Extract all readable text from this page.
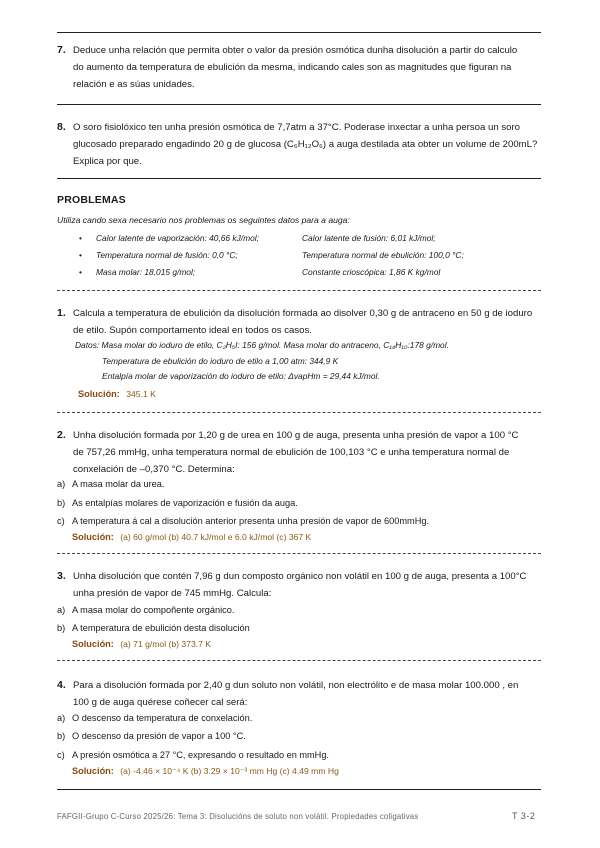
7. Deduce unha relación que permita obter o valor da presión osmótica dunha disolución a partir do calculo
do aumento da temperatura de ebulición da mesma, indicando cales son as magnitudes que figuran na
relación e as súas unidades.
8. O soro fisiolóxico ten unha presión osmótica de 7,7atm a 37°C. Poderase inxectar a unha persoa un soro
glucosado preparado engadindo 20 g de glucosa (C₆H₁₂O₆) a auga destilada ata obter un volume de 200mL?
Explica por que.
PROBLEMAS
Utiliza cando sexa necesario nos problemas os seguintes datos para a auga:
• Calor latente de vaporización: 40,66 kJ/mol;	Calor latente de fusión: 6,01 kJ/mol;
• Temperatura normal de fusión: 0,0 °C;	Temperatura normal de ebulición: 100,0 °C;
• Masa molar: 18,015 g/mol;	Constante crioscópica: 1,86 K kg/mol
1. Calcula a temperatura de ebulición da disolución formada ao disolver 0,30 g de antraceno en 50 g de ioduro
de etilo. Supón comportamento ideal en todos os casos.
Datos: Masa molar do ioduro de etilo, C₂H₅I: 156 g/mol. Masa molar do antraceno, C₁₄H₁₀:178 g/mol.
Temperatura de ebulición do ioduro de etilo a 1,00 atm: 344,9 K
Entalpía molar de vaporización do ioduro de etilo: ΔvapHm = 29,44 kJ/mol.
Solución: 345.1 K
2. Unha disolución formada por 1,20 g de urea en 100 g de auga, presenta unha presión de vapor a 100 °C
de 757,26 mmHg, unha temperatura normal de ebulición de 100,103 °C e unha temperatura normal de
conxelación de –0,370 °C. Determina:
a) A masa molar da urea.
b) As entalpías molares de vaporización e fusión da auga.
c) A temperatura á cal a disolución anterior presenta unha presión de vapor de 600mmHg.
Solución: (a) 60 g/mol (b) 40.7 kJ/mol e 6.0 kJ/mol (c) 367 K
3. Unha disolución que contén 7,96 g dun composto orgánico non volátil en 100 g de auga, presenta a 100°C
unha presión de vapor de 745 mmHg. Calcula:
a) A masa molar do compoñente orgánico.
b) A temperatura de ebulición desta disolución
Solución: (a) 71 g/mol (b) 373.7 K
4. Para a disolución formada por 2,40 g dun soluto non volátil, non electrólito e de masa molar 100.000 , en
100 g de auga quérese coñecer cal será:
a) O descenso da temperatura de conxelación.
b) O descenso da presión de vapor a 100 °C.
c) A presión osmótica a 27 °C, expresando o resultado en mmHg.
Solución: (a) -4.46 × 10⁻⁴ K (b) 3.29 × 10⁻³ mm Hg (c) 4.49 mm Hg
FAFGII-Grupo C-Curso 2025/26: Tema 3: Disolucións de soluto non volátil. Propiedades coligativas	T 3-2
